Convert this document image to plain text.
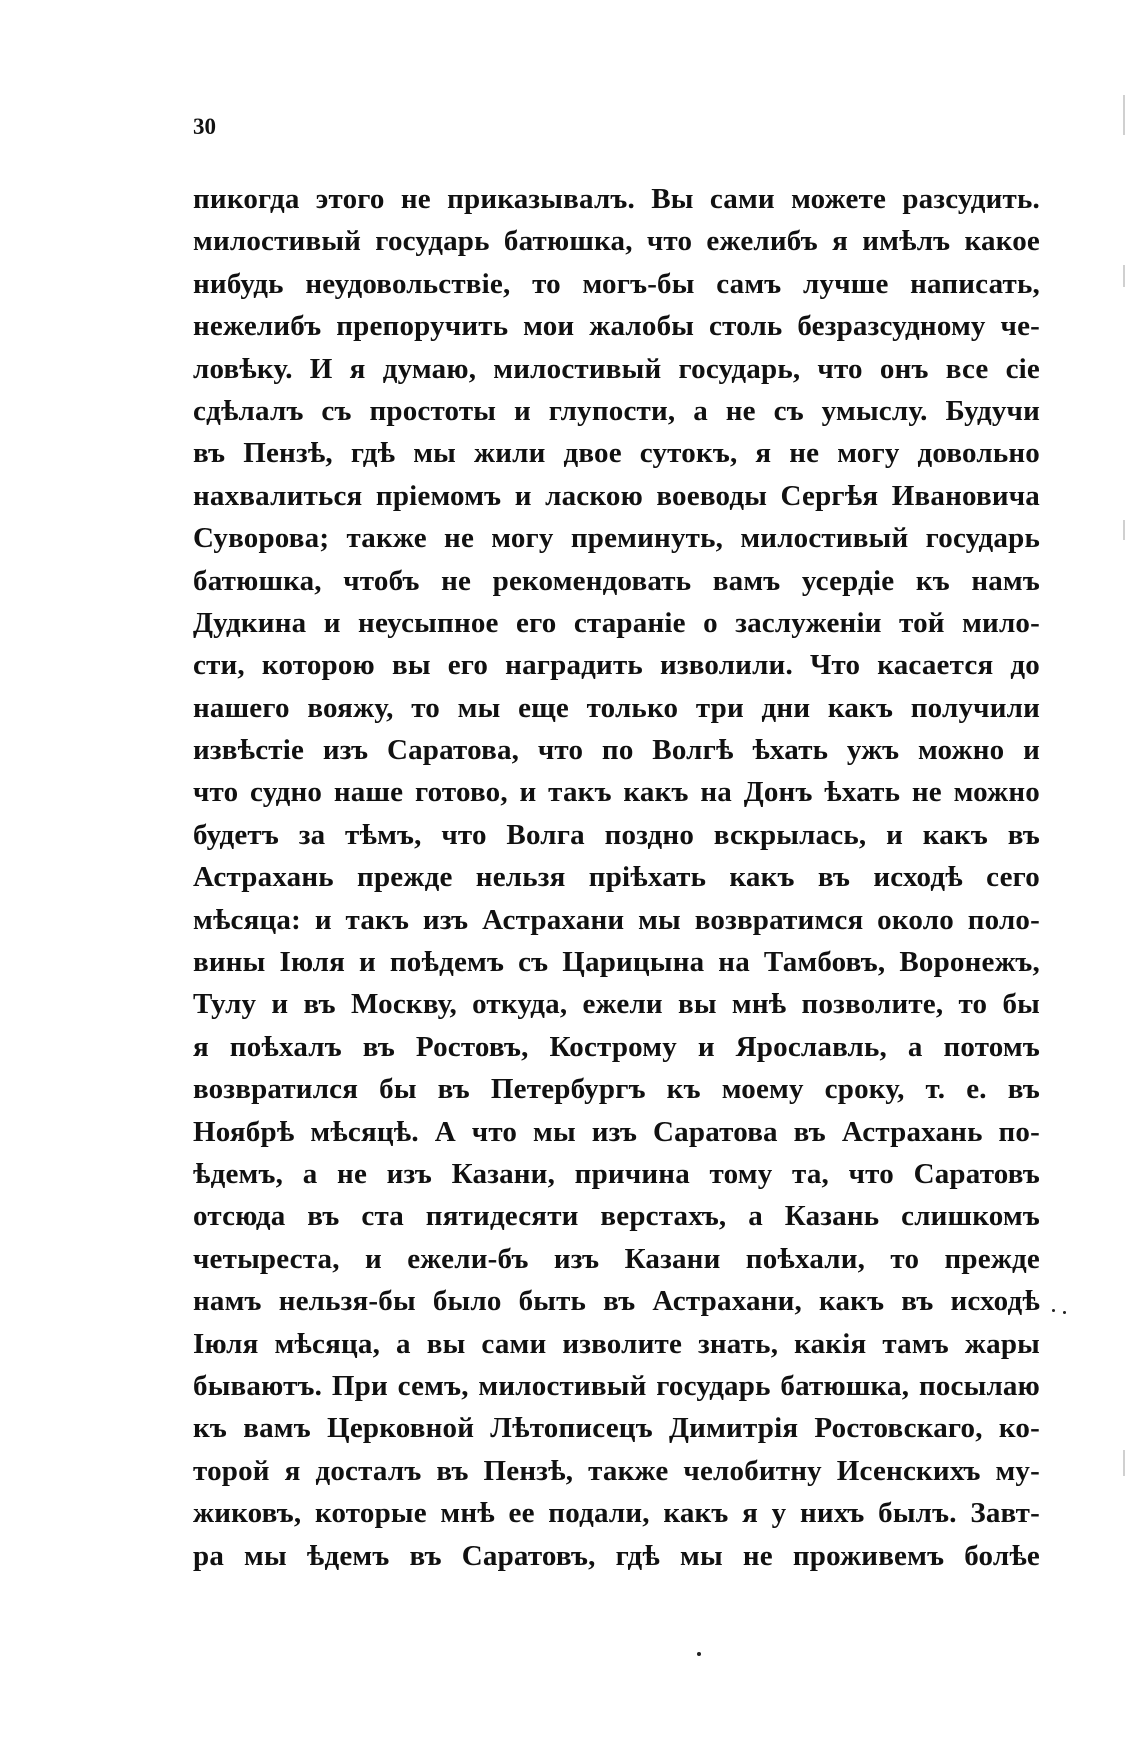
30
пикогда этого не приказывалъ. Вы сами можете разсудить.
милостивый государь батюшка, что ежелибъ я имѣлъ какое
нибудь неудовольствіе, то могъ-бы самъ лучше написать,
нежелибъ препоручить мои жалобы столь безразсудному че-
ловѣку. И я думаю, милостивый государь, что онъ все сіе
сдѣлалъ съ простоты и глупости, а не съ умыслу. Будучи
въ Пензѣ, гдѣ мы жили двое сутокъ, я не могу довольно
нахвалиться пріемомъ и ласкою воеводы Сергѣя Ивановича
Суворова; также не могу преминуть, милостивый государь
батюшка, чтобъ не рекомендовать вамъ усердіе къ намъ
Дудкина и неусыпное его стараніе о заслуженіи той мило-
сти, которою вы его наградить изволили. Что касается до
нашего вояжу, то мы еще только три дни какъ получили
извѣстіе изъ Саратова, что по Волгѣ ѣхать ужъ можно и
что судно наше готово, и такъ какъ на Донъ ѣхать не можно
будетъ за тѣмъ, что Волга поздно вскрылась, и какъ въ
Астрахань прежде нельзя пріѣхать какъ въ исходѣ сего
мѣсяца: и такъ изъ Астрахани мы возвратимся около поло-
вины Іюля и поѣдемъ съ Царицына на Тамбовъ, Воронежъ,
Тулу и въ Москву, откуда, ежели вы мнѣ позволите, то бы
я поѣхалъ въ Ростовъ, Кострому и Ярославль, а потомъ
возвратился бы въ Петербургъ къ моему сроку, т. е. въ
Ноябрѣ мѣсяцѣ. А что мы изъ Саратова въ Астрахань по-
ѣдемъ, а не изъ Казани, причина тому та, что Саратовъ
отсюда въ ста пятидесяти верстахъ, а Казань слишкомъ
четыреста, и ежели-бъ изъ Казани поѣхали, то прежде
намъ нельзя-бы было быть въ Астрахани, какъ въ исходѣ
Іюля мѣсяца, а вы сами изволите знать, какія тамъ жары
бываютъ. При семъ, милостивый государь батюшка, посылаю
къ вамъ Церковной Лѣтописецъ Димитрія Ростовскаго, ко-
торой я досталъ въ Пензѣ, также челобитну Исенскихъ му-
жиковъ, которые мнѣ ее подали, какъ я у нихъ былъ. Завт-
ра мы ѣдемъ въ Саратовъ, гдѣ мы не проживемъ болѣе
